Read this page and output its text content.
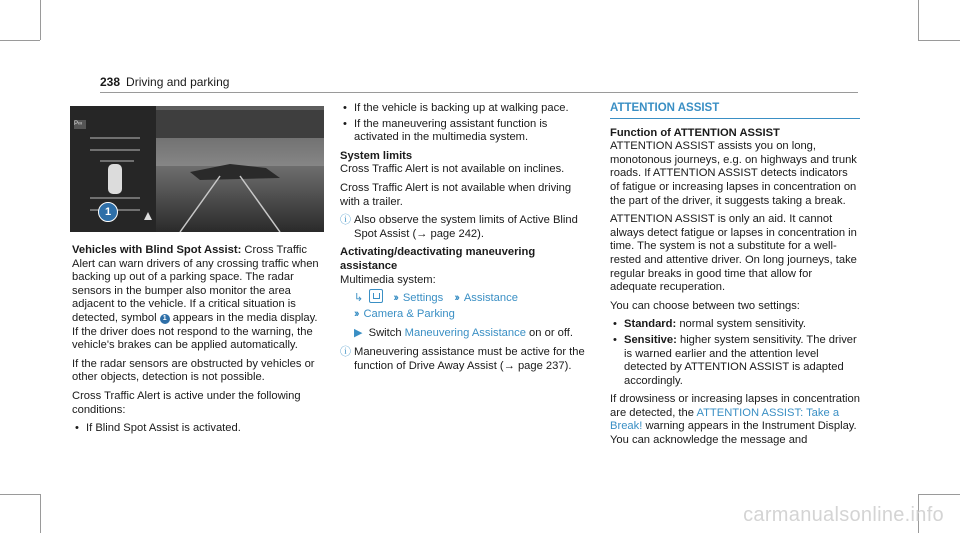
238 Driving and parking
P∞
1

Vehicles with Blind Spot Assist: Cross Traffic Alert can warn drivers of any crossing traffic when backing up out of a parking space. The radar sensors in the bumper also monitor the area adjacent to the vehicle. If a critical situation is detected, symbol 1 appears in the media display. If the driver does not respond to the warning, the vehicle's brakes can be applied automatically.

If the radar sensors are obstructed by vehicles or other objects, detection is not possible.

Cross Traffic Alert is active under the following conditions:

• If Blind Spot Assist is activated.
• If the vehicle is backing up at walking pace.
• If the maneuvering assistant function is activated in the multimedia system.

System limits

Cross Traffic Alert is not available on inclines.

Cross Traffic Alert is not available when driving with a trailer.

ⓘ Also observe the system limits of Active Blind Spot Assist (→ page 242).

Activating/deactivating maneuvering assistance

Multimedia system:

↳	›› Settings ›› Assistance
›› Camera & Parking
▶ Switch Maneuvering Assistance on or off.
ⓘ Maneuvering assistance must be active for the function of Drive Away Assist (→ page 237).
ATTENTION ASSIST

Function of ATTENTION ASSIST

ATTENTION ASSIST assists you on long, monotonous journeys, e.g. on highways and trunk roads. If ATTENTION ASSIST detects indicators of fatigue or increasing lapses in concentration on the part of the driver, it suggests taking a break.

ATTENTION ASSIST is only an aid. It cannot always detect fatigue or lapses in concentration in time. The system is not a substitute for a well-rested and attentive driver. On long journeys, take regular breaks in good time that allow for adequate recuperation.

You can choose between two settings:

• Standard: normal system sensitivity.
• Sensitive: higher system sensitivity. The driver is warned earlier and the attention level detected by ATTENTION ASSIST is adapted accordingly.

If drowsiness or increasing lapses in concentration are detected, the ATTENTION ASSIST: Take a Break! warning appears in the Instrument Display. You can acknowledge the message and

carmanualsonline.info
